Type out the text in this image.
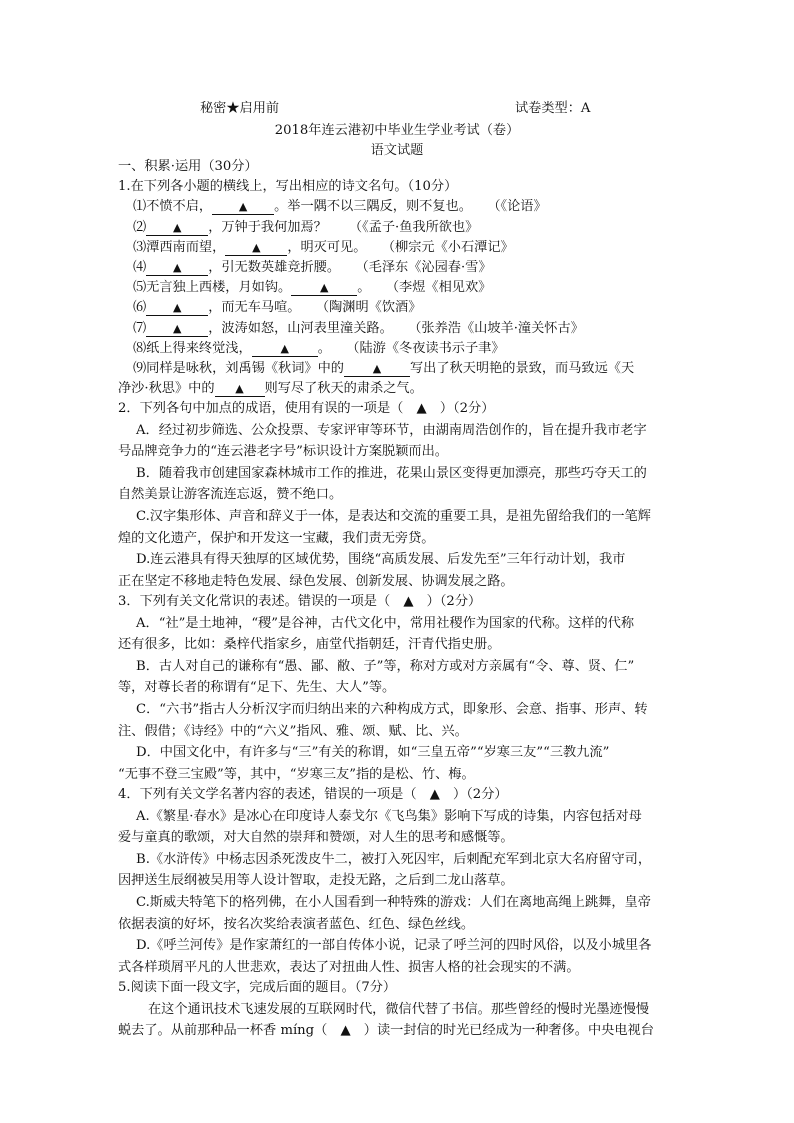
秘密★启用前	试卷类型：A
2018年连云港初中毕业生学业考试（卷）
语文试题
一、积累·运用（30分）
1.在下列各小题的横线上，写出相应的诗文名句。（10分）
⑴不愤不启， ▲ 。举一隅不以三隅反，则不复也。 （《论语》
⑵ ▲ ，万钟于我何加焉？ （《孟子·鱼我所欲也》
⑶潭西南而望， ▲ ，明灭可见。 （柳宗元《小石潭记》
⑷ ▲ ，引无数英雄竞折腰。 （毛泽东《沁园春·雪》
⑸无言独上西楼，月如钩。	▲ 。 （李煜《相见欢》
⑹ ▲ ，而无车马喧。 （陶渊明《饮酒》
⑺ ▲ ，波涛如怒，山河表里潼关路。 （张养浩《山坡羊·潼关怀古》
⑻纸上得来终觉浅，	▲ 。 （陆游《冬夜读书示子聿》
⑼同样是咏秋，刘禹锡《秋词》中的	▲ 写出了秋天明艳的景致，而马致远《天
净沙·秋思》中的 ▲ 则写尽了秋天的肃杀之气。
2．下列各句中加点的成语，使用有误的一项是（　▲　）（2分）
A．经过初步筛选、公众投票、专家评审等环节，由湖南周浩创作的，旨在提升我市老字
号品牌竞争力的“连云港老字号”标识设计方案脱颖而出。
B．随着我市创建国家森林城市工作的推进，花果山景区变得更加漂亮，那些巧夺天工的
自然美景让游客流连忘返，赞不绝口。
C.汉字集形体、声音和辞义于一体，是表达和交流的重要工具，是祖先留给我们的一笔辉
煌的文化遗产，保护和开发这一宝藏，我们责无旁贷。
D.连云港具有得天独厚的区域优势，围绕“高质发展、后发先至”三年行动计划，我市
正在坚定不移地走特色发展、绿色发展、创新发展、协调发展之路。
3．下列有关文化常识的表述。错误的一项是（　▲　）（2分）
A．“社”是土地神，“稷”是谷神，古代文化中，常用社稷作为国家的代称。这样的代称
还有很多，比如：桑梓代指家乡，庙堂代指朝廷，汗青代指史册。
B．古人对自己的谦称有“愚、鄙、敝、子”等，称对方或对方亲属有“令、尊、贤、仁”
等，对尊长者的称谓有“足下、先生、大人”等。
C．“六书”指古人分析汉字而归纳出来的六种构成方式，即象形、会意、指事、形声、转
注、假借；《诗经》中的“六义”指风、雅、颂、赋、比、兴。
D．中国文化中，有许多与“三”有关的称谓，如“三皇五帝”“岁寒三友”“三教九流”
“无事不登三宝殿”等，其中，“岁寒三友”指的是松、竹、梅。
4．下列有关文学名著内容的表述，错误的一项是（　▲　）（2分）
A.《繁星·春水》是冰心在印度诗人泰戈尔《飞鸟集》影响下写成的诗集，内容包括对母
爱与童真的歌颂，对大自然的崇拜和赞颂，对人生的思考和感慨等。
B.《水浒传》中杨志因杀死泼皮牛二，被打入死囚牢，后刺配充军到北京大名府留守司，
因押送生辰纲被吴用等人设计智取，走投无路，之后到二龙山落草。
C.斯威夫特笔下的格列佛，在小人国看到一种特殊的游戏：人们在离地高绳上跳舞，皇帝
依据表演的好坏，按名次奖给表演者蓝色、红色、绿色丝线。
D.《呼兰河传》是作家萧红的一部自传体小说，记录了呼兰河的四时风俗，以及小城里各
式各样琐屑平凡的人世悲欢，表达了对扭曲人性、损害人格的社会现实的不满。
5.阅读下面一段文字，完成后面的题目。（7分）
在这个通讯技术飞速发展的互联网时代，微信代替了书信。那些曾经的慢时光墨迹慢慢
蜕去了。从前那种品一杯香 míng（　▲　）读一封信的时光已经成为一种奢侈。中央电视台
